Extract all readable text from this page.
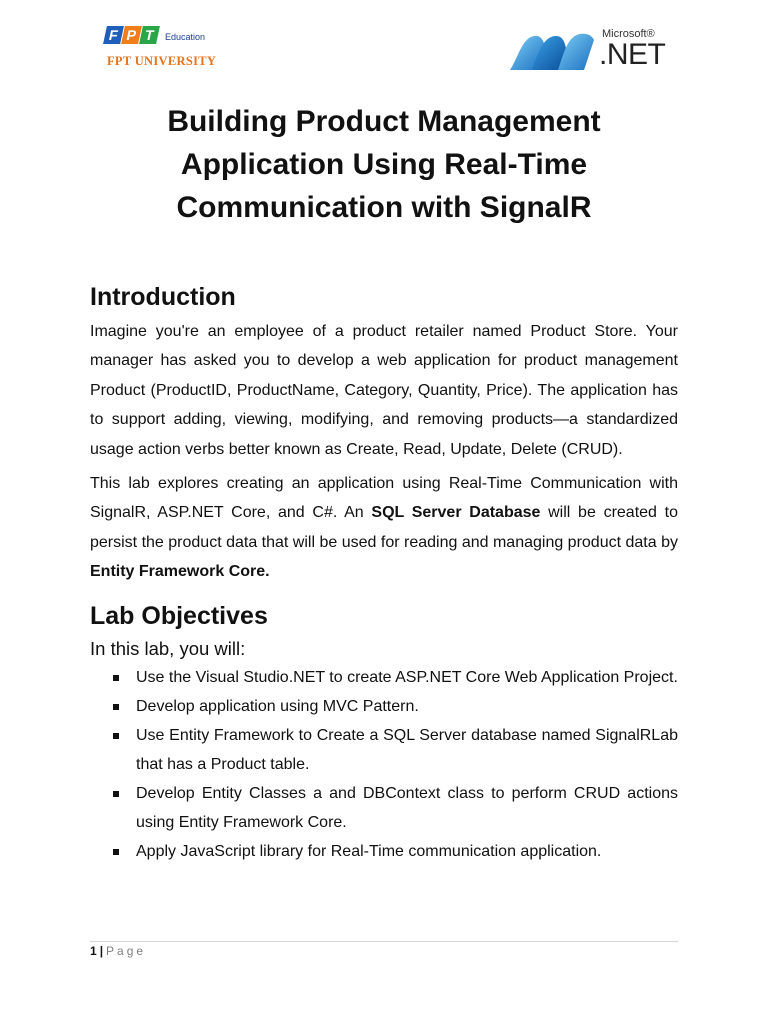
F P T	Education
FPT UNIVERSITY
Microsoft®
.NET
Building Product Management
Application Using Real-Time
Communication with SignalR
Introduction

Imagine you're an employee of a product retailer named Product Store. Your manager has asked you to develop a web application for product management Product (ProductID, ProductName, Category, Quantity, Price). The application has to support adding, viewing, modifying, and removing products—a standardized usage action verbs better known as Create, Read, Update, Delete (CRUD).

This lab explores creating an application using Real-Time Communication with SignalR, ASP.NET Core, and C#. An SQL Server Database will be created to persist the product data that will be used for reading and managing product data by Entity Framework Core.

Lab Objectives

In this lab, you will:

Use the Visual Studio.NET to create ASP.NET Core Web Application Project.
Develop application using MVC Pattern.
Use Entity Framework to Create a SQL Server database named SignalRLab that has a Product table.
Develop Entity Classes a and DBContext class to perform CRUD actions using Entity Framework Core.
Apply JavaScript library for Real-Time communication application.
1 | Page
